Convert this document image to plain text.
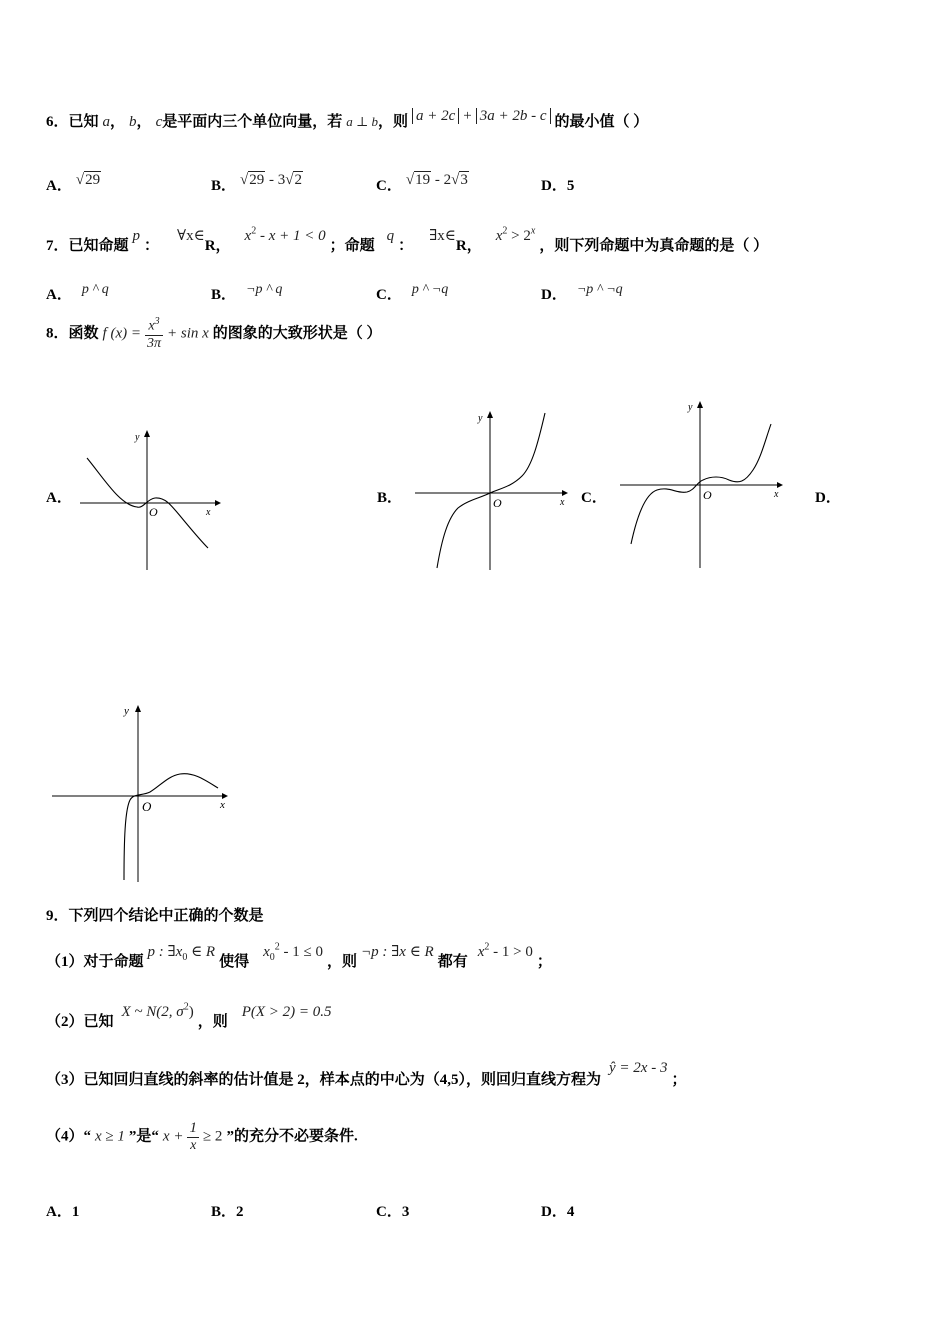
6．已知 a， b， c是平面内三个单位向量，若 a ⊥ b，则 a + 2c + 3a + 2b - c 的最小值（ ）
A． √29	B． √29 - 3√2	C． √19 - 2√3	D．5
7．已知命题 p ： ∀x∈R， $x^2 - x + 1 < 0$ ；命题 q ： ∃x∈R， $x^2 > 2^x$ ，则下列命题中为真命题的是（ ）
A． p ^ q	B． ¬p ^ q	C． p ^ ¬q	D． ¬p ^ ¬q
8．函数 f $(x) = \frac{x^3}{3\pi} + \sin x$ 的图象的大致形状是（ ）
A．	B．	C．	D．
y
x
O
y
x
O
y
x
O
y
x
O
9．下列四个结论中正确的个数是
（1）对于命题 p : $\exists x_0$ ∈ R 使得 $x_0^2 - 1 \le 0$ ，则 ¬p : ∃x ∈ R 都有 $x^2 - 1 > 0$ ；
（2）已知 X ~ N(2, $\sigma^2$) ，则 P(X > 2) = 0.5
（3）已知回归直线的斜率的估计值是 2，样本点的中心为（4,5），则回归直线方程为 ŷ = 2x - 3 ；
（4）“ x ≥ 1 ”是“ $x + \frac{1}{x} \ge 2$ ”的充分不必要条件.
A．1	B．2	C．3	D．4
